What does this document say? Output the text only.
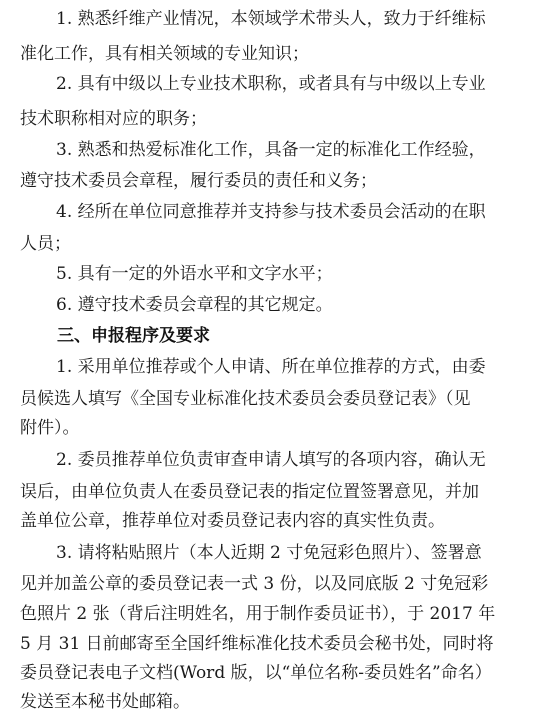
1. 熟悉纤维产业情况，本领域学术带头人，致力于纤维标
准化工作，具有相关领域的专业知识；
2. 具有中级以上专业技术职称，或者具有与中级以上专业
技术职称相对应的职务；
3. 熟悉和热爱标准化工作，具备一定的标准化工作经验，
遵守技术委员会章程，履行委员的责任和义务；
4. 经所在单位同意推荐并支持参与技术委员会活动的在职
人员；
5. 具有一定的外语水平和文字水平；
6. 遵守技术委员会章程的其它规定。
三、申报程序及要求
1. 采用单位推荐或个人申请、所在单位推荐的方式，由委
员候选人填写《全国专业标准化技术委员会委员登记表》（见
附件）。
2. 委员推荐单位负责审查申请人填写的各项内容，确认无
误后，由单位负责人在委员登记表的指定位置签署意见，并加
盖单位公章，推荐单位对委员登记表内容的真实性负责。
3. 请将粘贴照片（本人近期 2 寸免冠彩色照片）、签署意
见并加盖公章的委员登记表一式 3 份，以及同底版 2 寸免冠彩
色照片 2 张（背后注明姓名，用于制作委员证书），于 2017 年
5 月 31 日前邮寄至全国纤维标准化技术委员会秘书处，同时将
委员登记表电子文档(Word 版，以“单位名称-委员姓名”命名）
发送至本秘书处邮箱。
